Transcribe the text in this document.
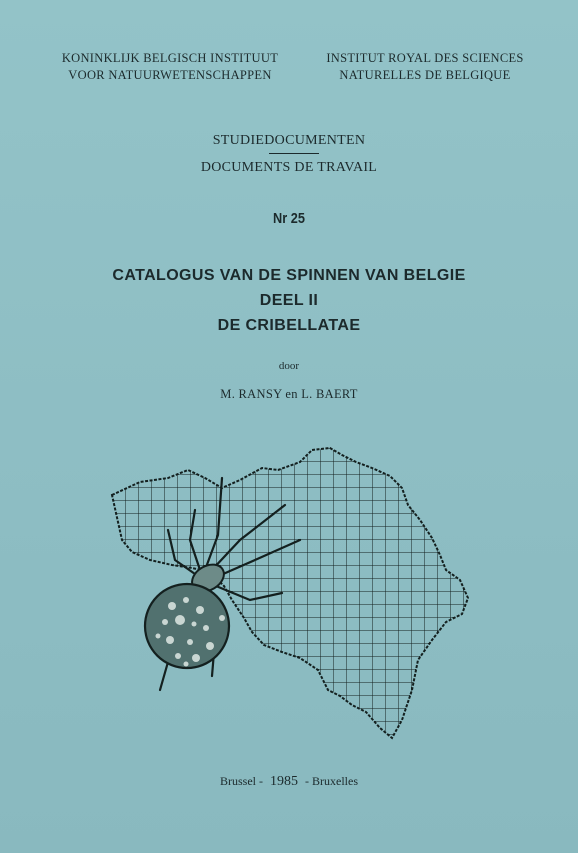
KONINKLIJK BELGISCH INSTITUUT
VOOR NATUURWETENSCHAPPEN
INSTITUT ROYAL DES SCIENCES
NATURELLES DE BELGIQUE
STUDIEDOCUMENTEN
DOCUMENTS DE TRAVAIL
Nr 25
CATALOGUS VAN DE SPINNEN VAN BELGIE
DEEL II
DE CRIBELLATAE
door
M. RANSY en L. BAERT
Brussel - 1985 - Bruxelles
